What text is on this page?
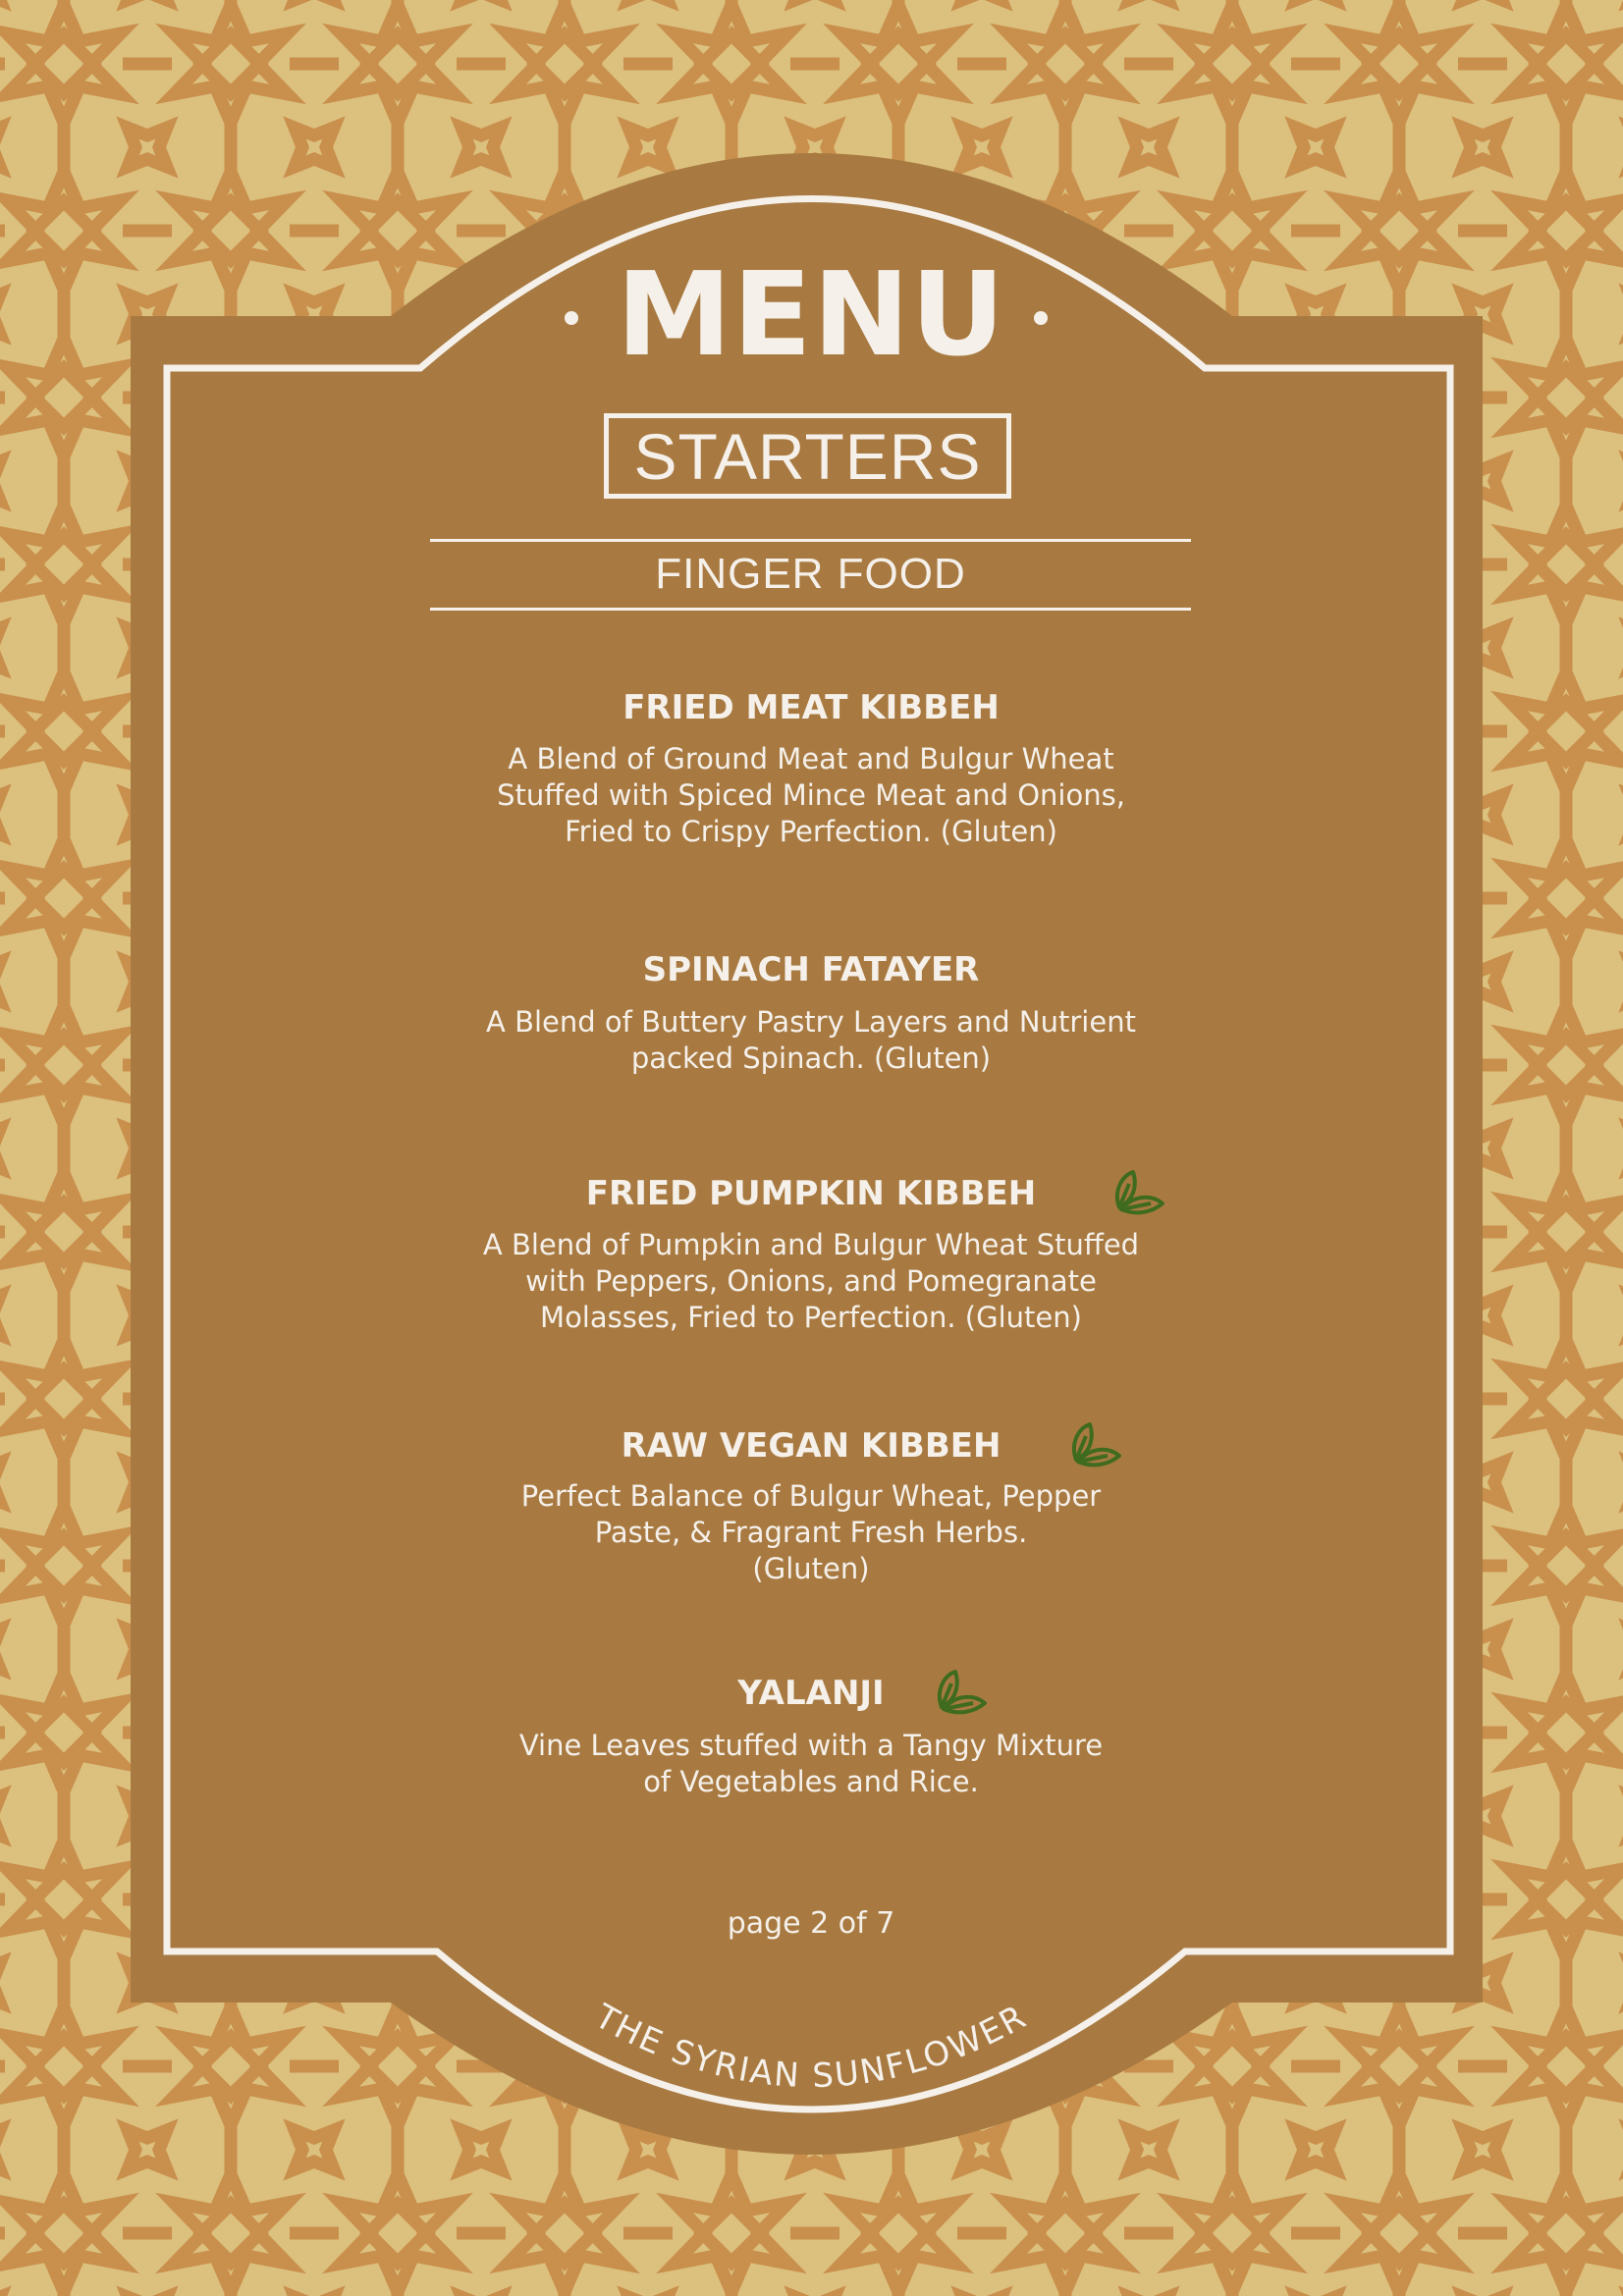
MENU
STARTERS
FINGER FOOD
FRIED MEAT KIBBEH
A Blend of Ground Meat and Bulgur Wheat
Stuffed with Spiced Mince Meat and Onions,
Fried to Crispy Perfection. (Gluten)
SPINACH FATAYER
A Blend of Buttery Pastry Layers and Nutrient
packed Spinach. (Gluten)
FRIED PUMPKIN KIBBEH
A Blend of Pumpkin and Bulgur Wheat Stuffed
with Peppers, Onions, and Pomegranate
Molasses, Fried to Perfection. (Gluten)
RAW VEGAN KIBBEH
Perfect Balance of Bulgur Wheat, Pepper
Paste, & Fragrant Fresh Herbs.
(Gluten)
YALANJI
Vine Leaves stuffed with a Tangy Mixture
of Vegetables and Rice.
page 2 of 7
THE SYRIAN SUNFLOWER
